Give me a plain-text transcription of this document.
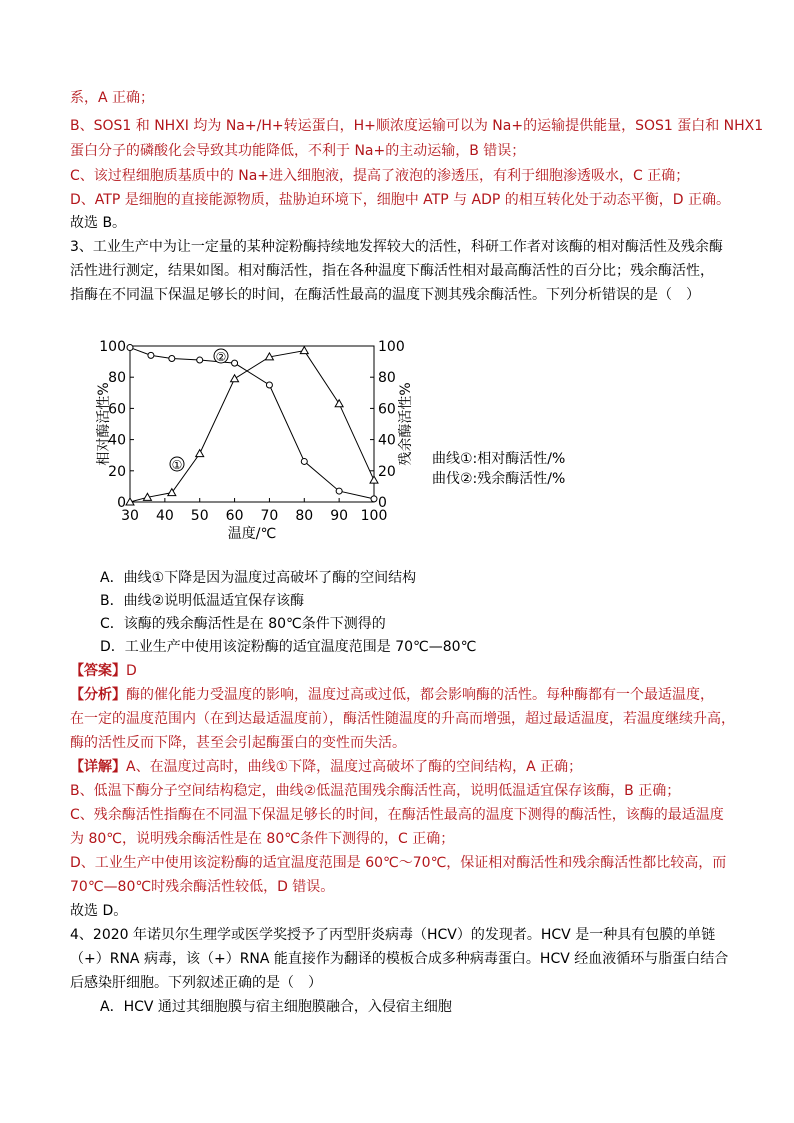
系，A 正确；

B、SOS1 和 NHXI 均为 Na+/H+转运蛋白，H+顺浓度运输可以为 Na+的运输提供能量，SOS1 蛋白和 NHX1

蛋白分子的磷酸化会导致其功能降低，不利于 Na+的主动运输，B 错误；

C、该过程细胞质基质中的 Na+进入细胞液，提高了液泡的渗透压，有利于细胞渗透吸水，C 正确；

D、ATP 是细胞的直接能源物质，盐胁迫环境下，细胞中 ATP 与 ADP 的相互转化处于动态平衡，D 正确。

故选 B。

3、工业生产中为让一定量的某种淀粉酶持续地发挥较大的活性，科研工作者对该酶的相对酶活性及残余酶

活性进行测定，结果如图。相对酶活性，指在各种温度下酶活性相对最高酶活性的百分比；残余酶活性，

指酶在不同温下保温足够长的时间，在酶活性最高的温度下测其残余酶活性。下列分析错误的是（　）

30 40 50 60 70 80 90 100
0	0
20	20
40	40
60	60
80	80
100	100
温度/℃
相对酶活性%	残余酶活性%
①
②
曲线①:相对酶活性/%
曲伐②:残余酶活性/%

A．曲线①下降是因为温度过高破坏了酶的空间结构

B．曲线②说明低温适宜保存该酶

C．该酶的残余酶活性是在 80℃条件下测得的

D．工业生产中使用该淀粉酶的适宜温度范围是 70℃—80℃

【答案】D

【分析】酶的催化能力受温度的影响，温度过高或过低，都会影响酶的活性。每种酶都有一个最适温度，

在一定的温度范围内（在到达最适温度前），酶活性随温度的升高而增强，超过最适温度，若温度继续升高，

酶的活性反而下降，甚至会引起酶蛋白的变性而失活。

【详解】A、在温度过高时，曲线①下降，温度过高破坏了酶的空间结构，A 正确；

B、低温下酶分子空间结构稳定，曲线②低温范围残余酶活性高，说明低温适宜保存该酶，B 正确；

C、残余酶活性指酶在不同温下保温足够长的时间，在酶活性最高的温度下测得的酶活性，该酶的最适温度

为 80℃，说明残余酶活性是在 80℃条件下测得的，C 正确；

D、工业生产中使用该淀粉酶的适宜温度范围是 60℃～70℃，保证相对酶活性和残余酶活性都比较高，而

70℃—80℃时残余酶活性较低，D 错误。

故选 D。

4、2020 年诺贝尔生理学或医学奖授予了丙型肝炎病毒（HCV）的发现者。HCV 是一种具有包膜的单链

（+）RNA 病毒，该（+）RNA 能直接作为翻译的模板合成多种病毒蛋白。HCV 经血液循环与脂蛋白结合

后感染肝细胞。下列叙述正确的是（　）

A．HCV 通过其细胞膜与宿主细胞膜融合，入侵宿主细胞
